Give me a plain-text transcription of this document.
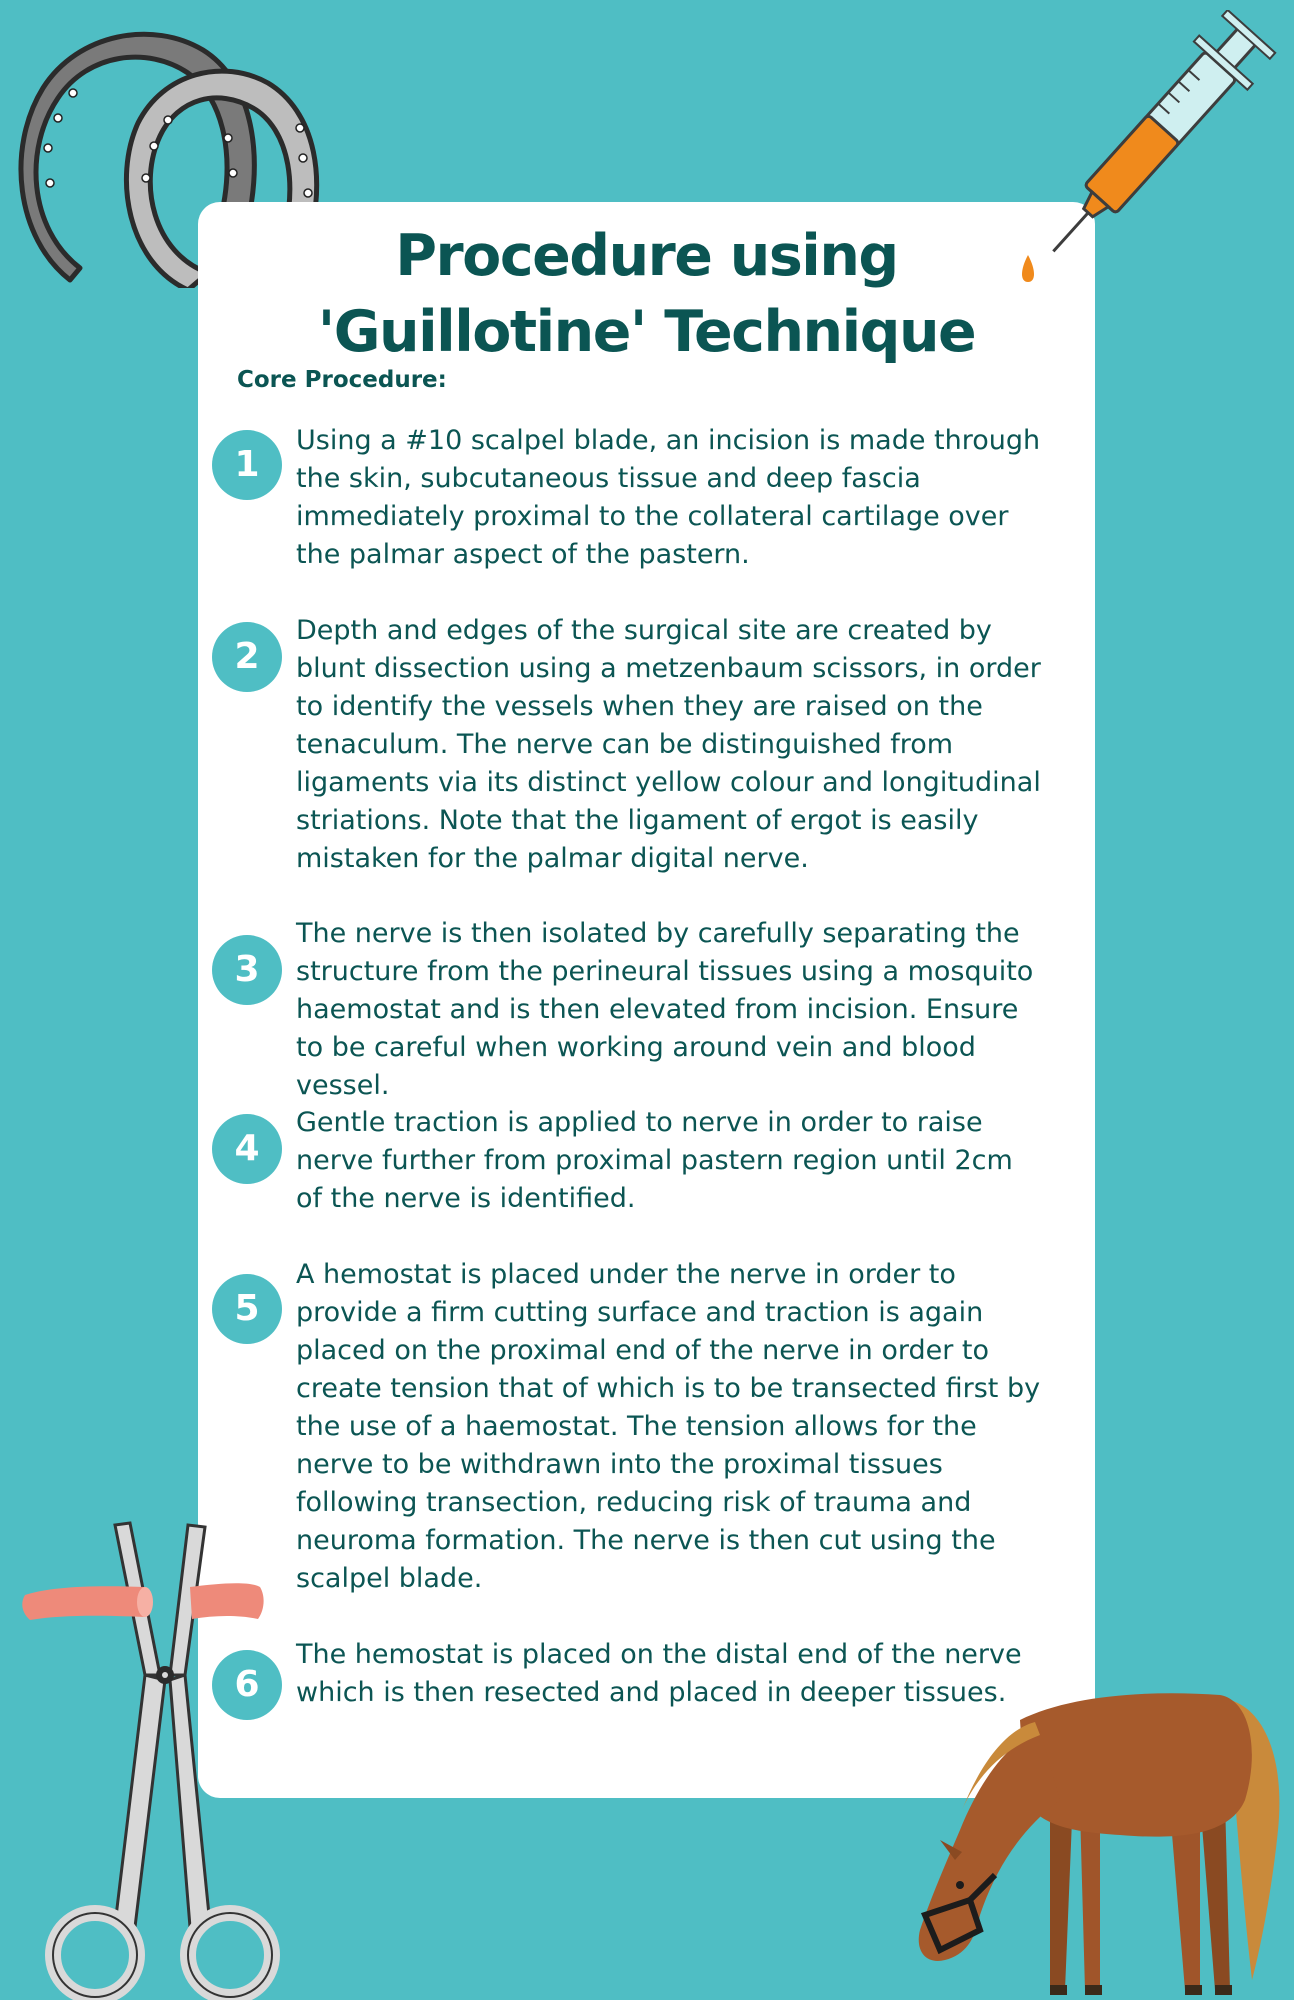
Procedure using
'Guillotine' Technique
Core Procedure:
1

Using a #10 scalpel blade, an incision is made through the skin, subcutaneous tissue and deep fascia immediately proximal to the collateral cartilage over the palmar aspect of the pastern.

2

Depth and edges of the surgical site are created by blunt dissection using a metzenbaum scissors, in order to identify the vessels when they are raised on the tenaculum. The nerve can be distinguished from ligaments via its distinct yellow colour and longitudinal striations. Note that the ligament of ergot is easily mistaken for the palmar digital nerve.

3

The nerve is then isolated by carefully separating the structure from the perineural tissues using a mosquito haemostat and is then elevated from incision. Ensure to be careful when working around vein and blood vessel.

4

Gentle traction is applied to nerve in order to raise nerve further from proximal pastern region until 2cm of the nerve is identified.

5

A hemostat is placed under the nerve in order to provide a firm cutting surface and traction is again placed on the proximal end of the nerve in order to create tension that of which is to be transected first by the use of a haemostat. The tension allows for the nerve to be withdrawn into the proximal tissues following transection, reducing risk of trauma and neuroma formation. The nerve is then cut using the scalpel blade.

6

The hemostat is placed on the distal end of the nerve which is then resected and placed in deeper tissues.
